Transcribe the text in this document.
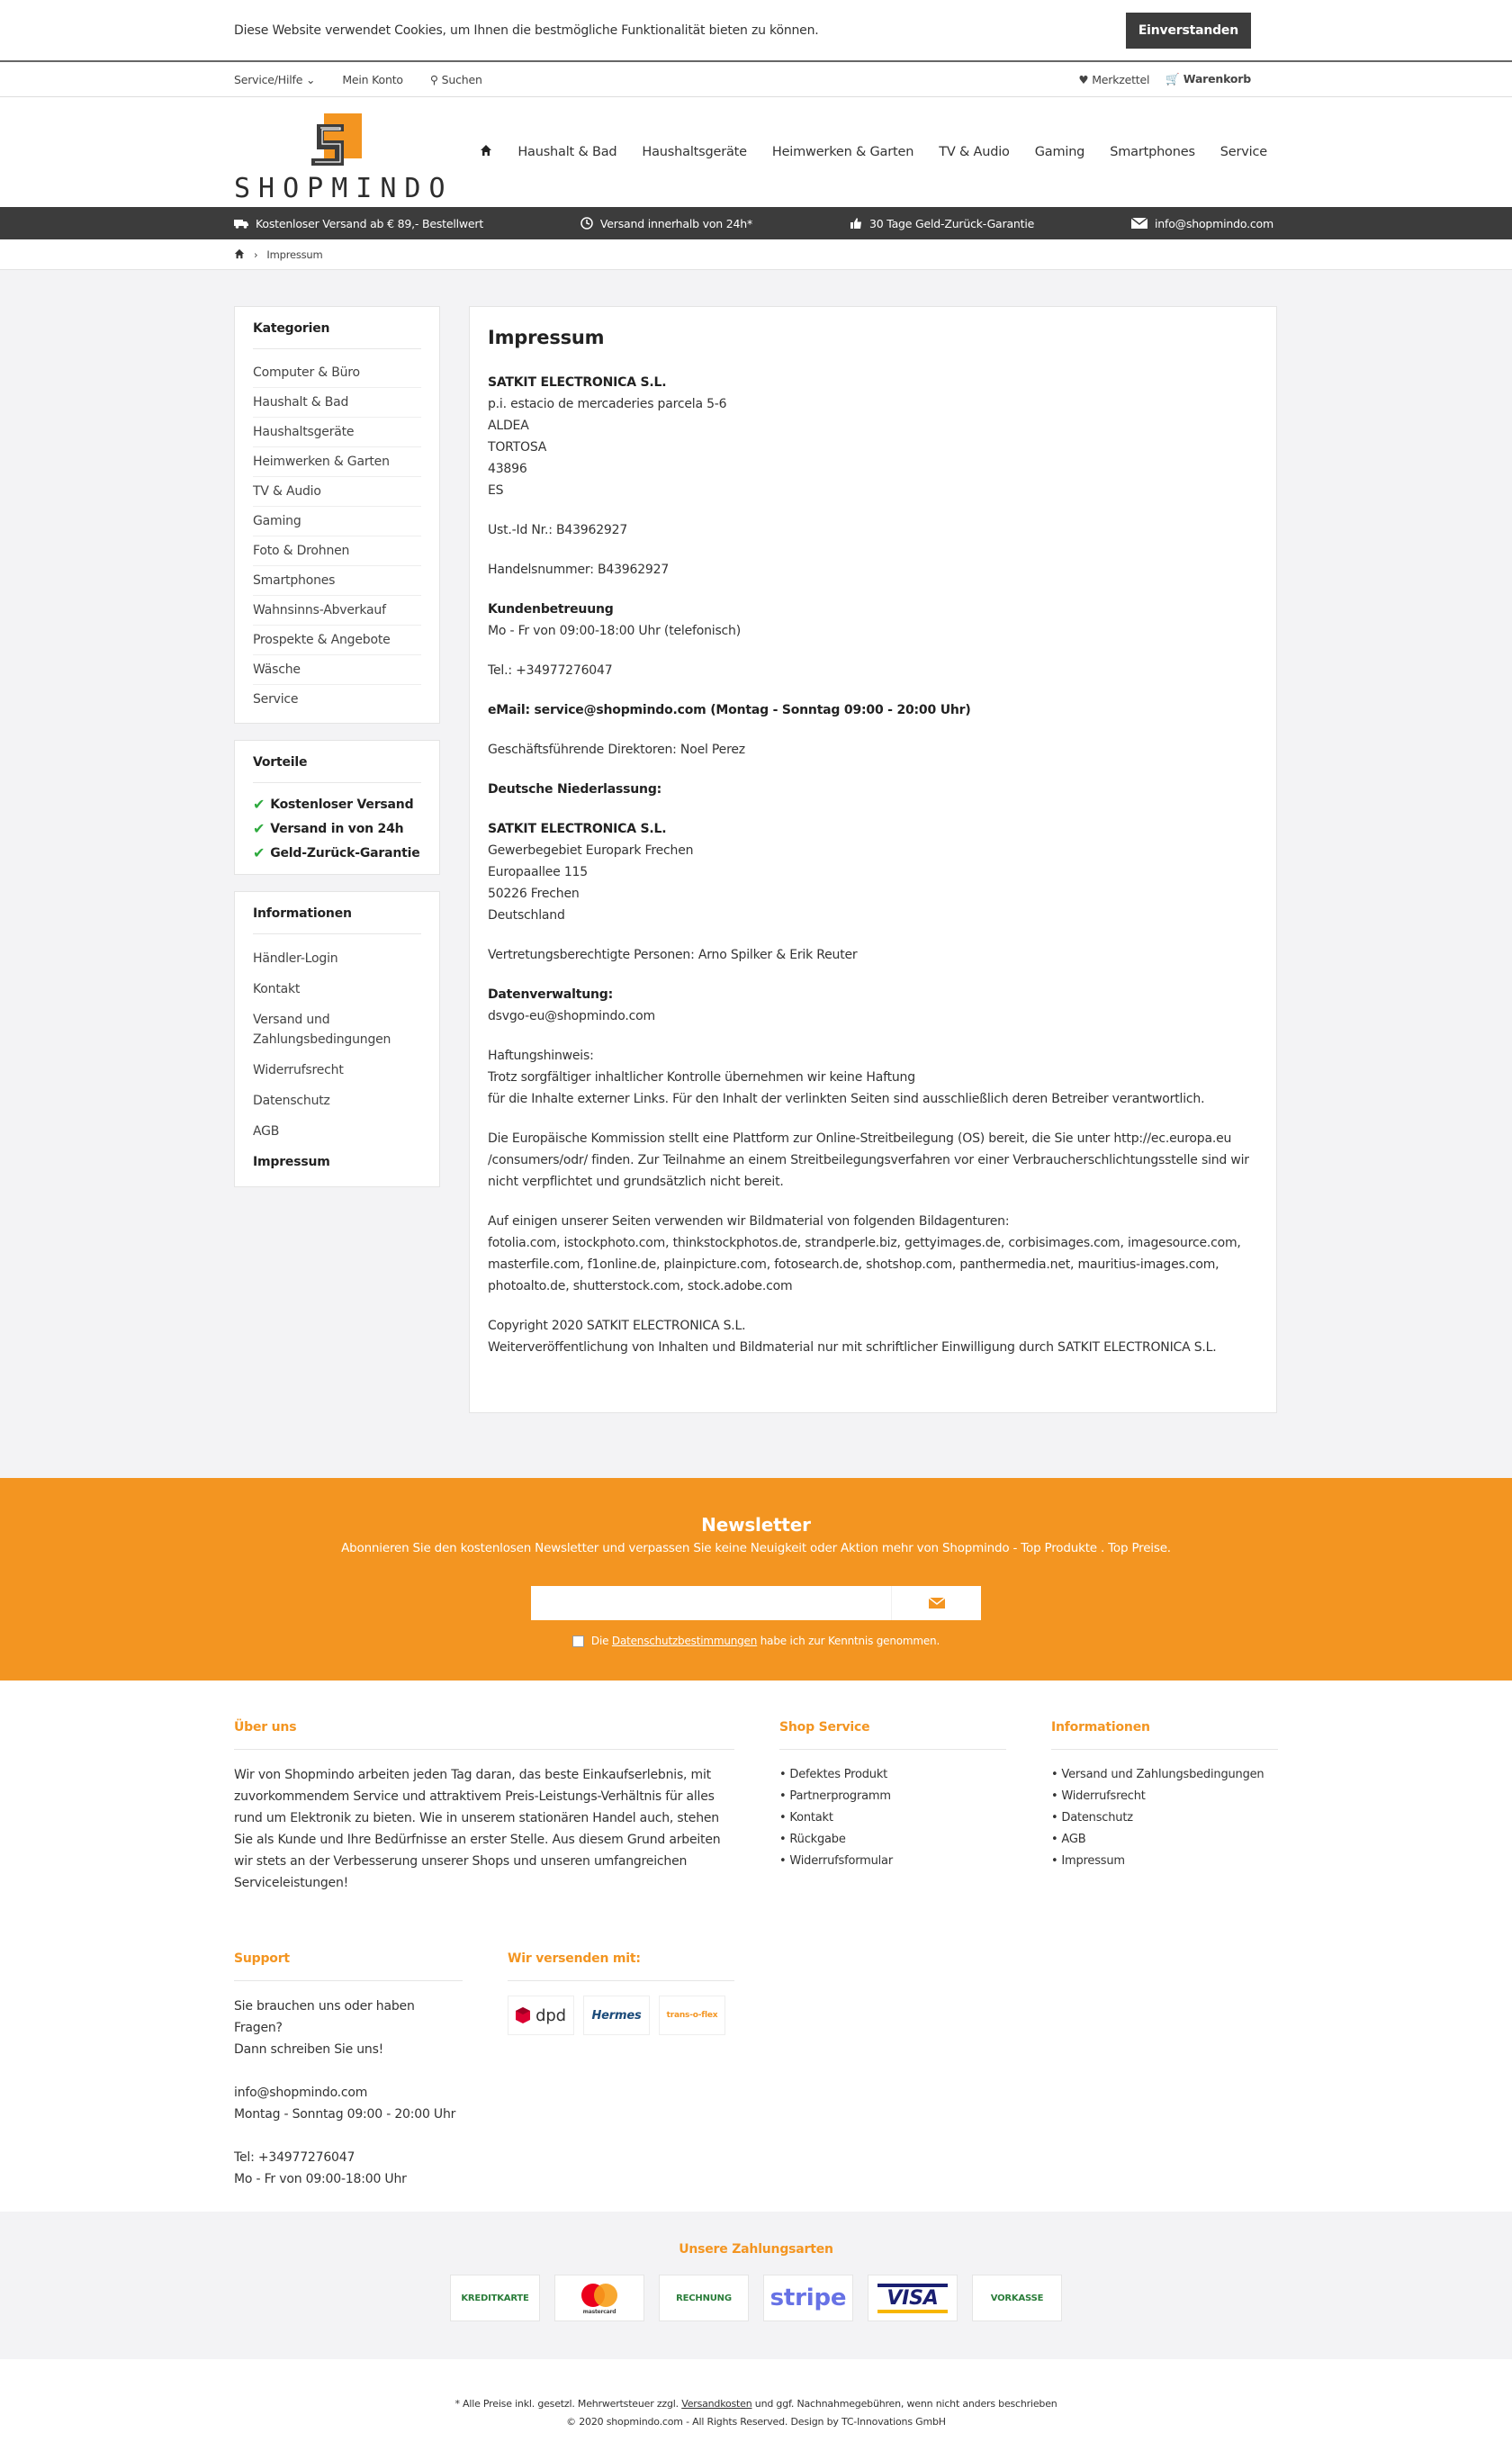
Diese Website verwendet Cookies, um Ihnen die bestmögliche Funktionalität bieten zu können.	Einverstanden
Service/Hilfe ⌄ Mein Konto ⚲ Suchen	♥ Merkzettel 🛒 Warenkorb
SHOPMINDO
Haushalt & Bad Haushaltsgeräte Heimwerken & Garten TV & Audio Gaming Smartphones Service
Kostenloser Versand ab € 89,- Bestellwert	Versand innerhalb von 24h*	30 Tage Geld-Zurück-Garantie	info@shopmindo.com
› Impressum
Kategorien
Computer & Büro
Haushalt & Bad
Haushaltsgeräte
Heimwerken & Garten
TV & Audio
Gaming
Foto & Drohnen
Smartphones
Wahnsinns-Abverkauf
Prospekte & Angebote
Wäsche
Service
Vorteile
✔ Kostenloser Versand
✔ Versand in von 24h
✔ Geld-Zurück-Garantie
Informationen
Händler-Login
Kontakt
Versand und Zahlungsbedingungen
Widerrufsrecht
Datenschutz
AGB
Impressum
Impressum
SATKIT ELECTRONICA S.L.
p.i. estacio de mercaderies parcela 5-6
ALDEA
TORTOSA
43896
ES
Ust.-Id Nr.: B43962927
Handelsnummer: B43962927
Kundenbetreuung
Mo - Fr von 09:00-18:00 Uhr (telefonisch)
Tel.: +34977276047
eMail: service@shopmindo.com (Montag - Sonntag 09:00 - 20:00 Uhr)
Geschäftsführende Direktoren: Noel Perez
Deutsche Niederlassung:
SATKIT ELECTRONICA S.L.
Gewerbegebiet Europark Frechen
Europaallee 115
50226 Frechen
Deutschland
Vertretungsberechtigte Personen: Arno Spilker & Erik Reuter
Datenverwaltung:
dsvgo-eu@shopmindo.com
Haftungshinweis:
Trotz sorgfältiger inhaltlicher Kontrolle übernehmen wir keine Haftung
für die Inhalte externer Links. Für den Inhalt der verlinkten Seiten sind ausschließlich deren Betreiber verantwortlich.
Die Europäische Kommission stellt eine Plattform zur Online-Streitbeilegung (OS) bereit, die Sie unter http://ec.europa.eu
/consumers/odr/ finden. Zur Teilnahme an einem Streitbeilegungsverfahren vor einer Verbraucherschlichtungsstelle sind wir
nicht verpflichtet und grundsätzlich nicht bereit.
Auf einigen unserer Seiten verwenden wir Bildmaterial von folgenden Bildagenturen:
fotolia.com, istockphoto.com, thinkstockphotos.de, strandperle.biz, gettyimages.de, corbisimages.com, imagesource.com,
masterfile.com, f1online.de, plainpicture.com, fotosearch.de, shotshop.com, panthermedia.net, mauritius-images.com,
photoalto.de, shutterstock.com, stock.adobe.com
Copyright 2020 SATKIT ELECTRONICA S.L.
Weiterveröffentlichung von Inhalten und Bildmaterial nur mit schriftlicher Einwilligung durch SATKIT ELECTRONICA S.L.
Newsletter
Abonnieren Sie den kostenlosen Newsletter und verpassen Sie keine Neuigkeit oder Aktion mehr von Shopmindo - Top Produkte . Top Preise.
Die
Datenschutzbestimmungen
habe ich zur Kenntnis genommen.
Über uns

Wir von Shopmindo arbeiten jeden Tag daran, das beste Einkaufserlebnis, mit zuvorkommendem Service und attraktivem Preis-Leistungs-Verhältnis für alles rund um Elektronik zu bieten. Wie in unserem stationären Handel auch, stehen Sie als Kunde und Ihre Bedürfnisse an erster Stelle. Aus diesem Grund arbeiten wir stets an der Verbesserung unserer Shops und unseren umfangreichen Serviceleistungen!

Shop Service
• Defektes Produkt
• Partnerprogramm
• Kontakt
• Rückgabe
• Widerrufsformular
Informationen
• Versand und Zahlungsbedingungen
• Widerrufsrecht
• Datenschutz
• AGB
• Impressum
Support

Sie brauchen uns oder haben Fragen?
Dann schreiben Sie uns!

info@shopmindo.com
Montag - Sonntag 09:00 - 20:00 Uhr

Tel: +34977276047
Mo - Fr von 09:00-18:00 Uhr

Wir versenden mit:
dpd Hermes	trans-o-flex
Unsere Zahlungsarten
KREDITKARTE
mastercard
RECHNUNG	stripe	VISA	VORKASSE
* Alle Preise inkl. gesetzl. Mehrwertsteuer zzgl. Versandkosten und ggf. Nachnahmegebühren, wenn nicht anders beschrieben
© 2020 shopmindo.com - All Rights Reserved. Design by TC-Innovations GmbH
